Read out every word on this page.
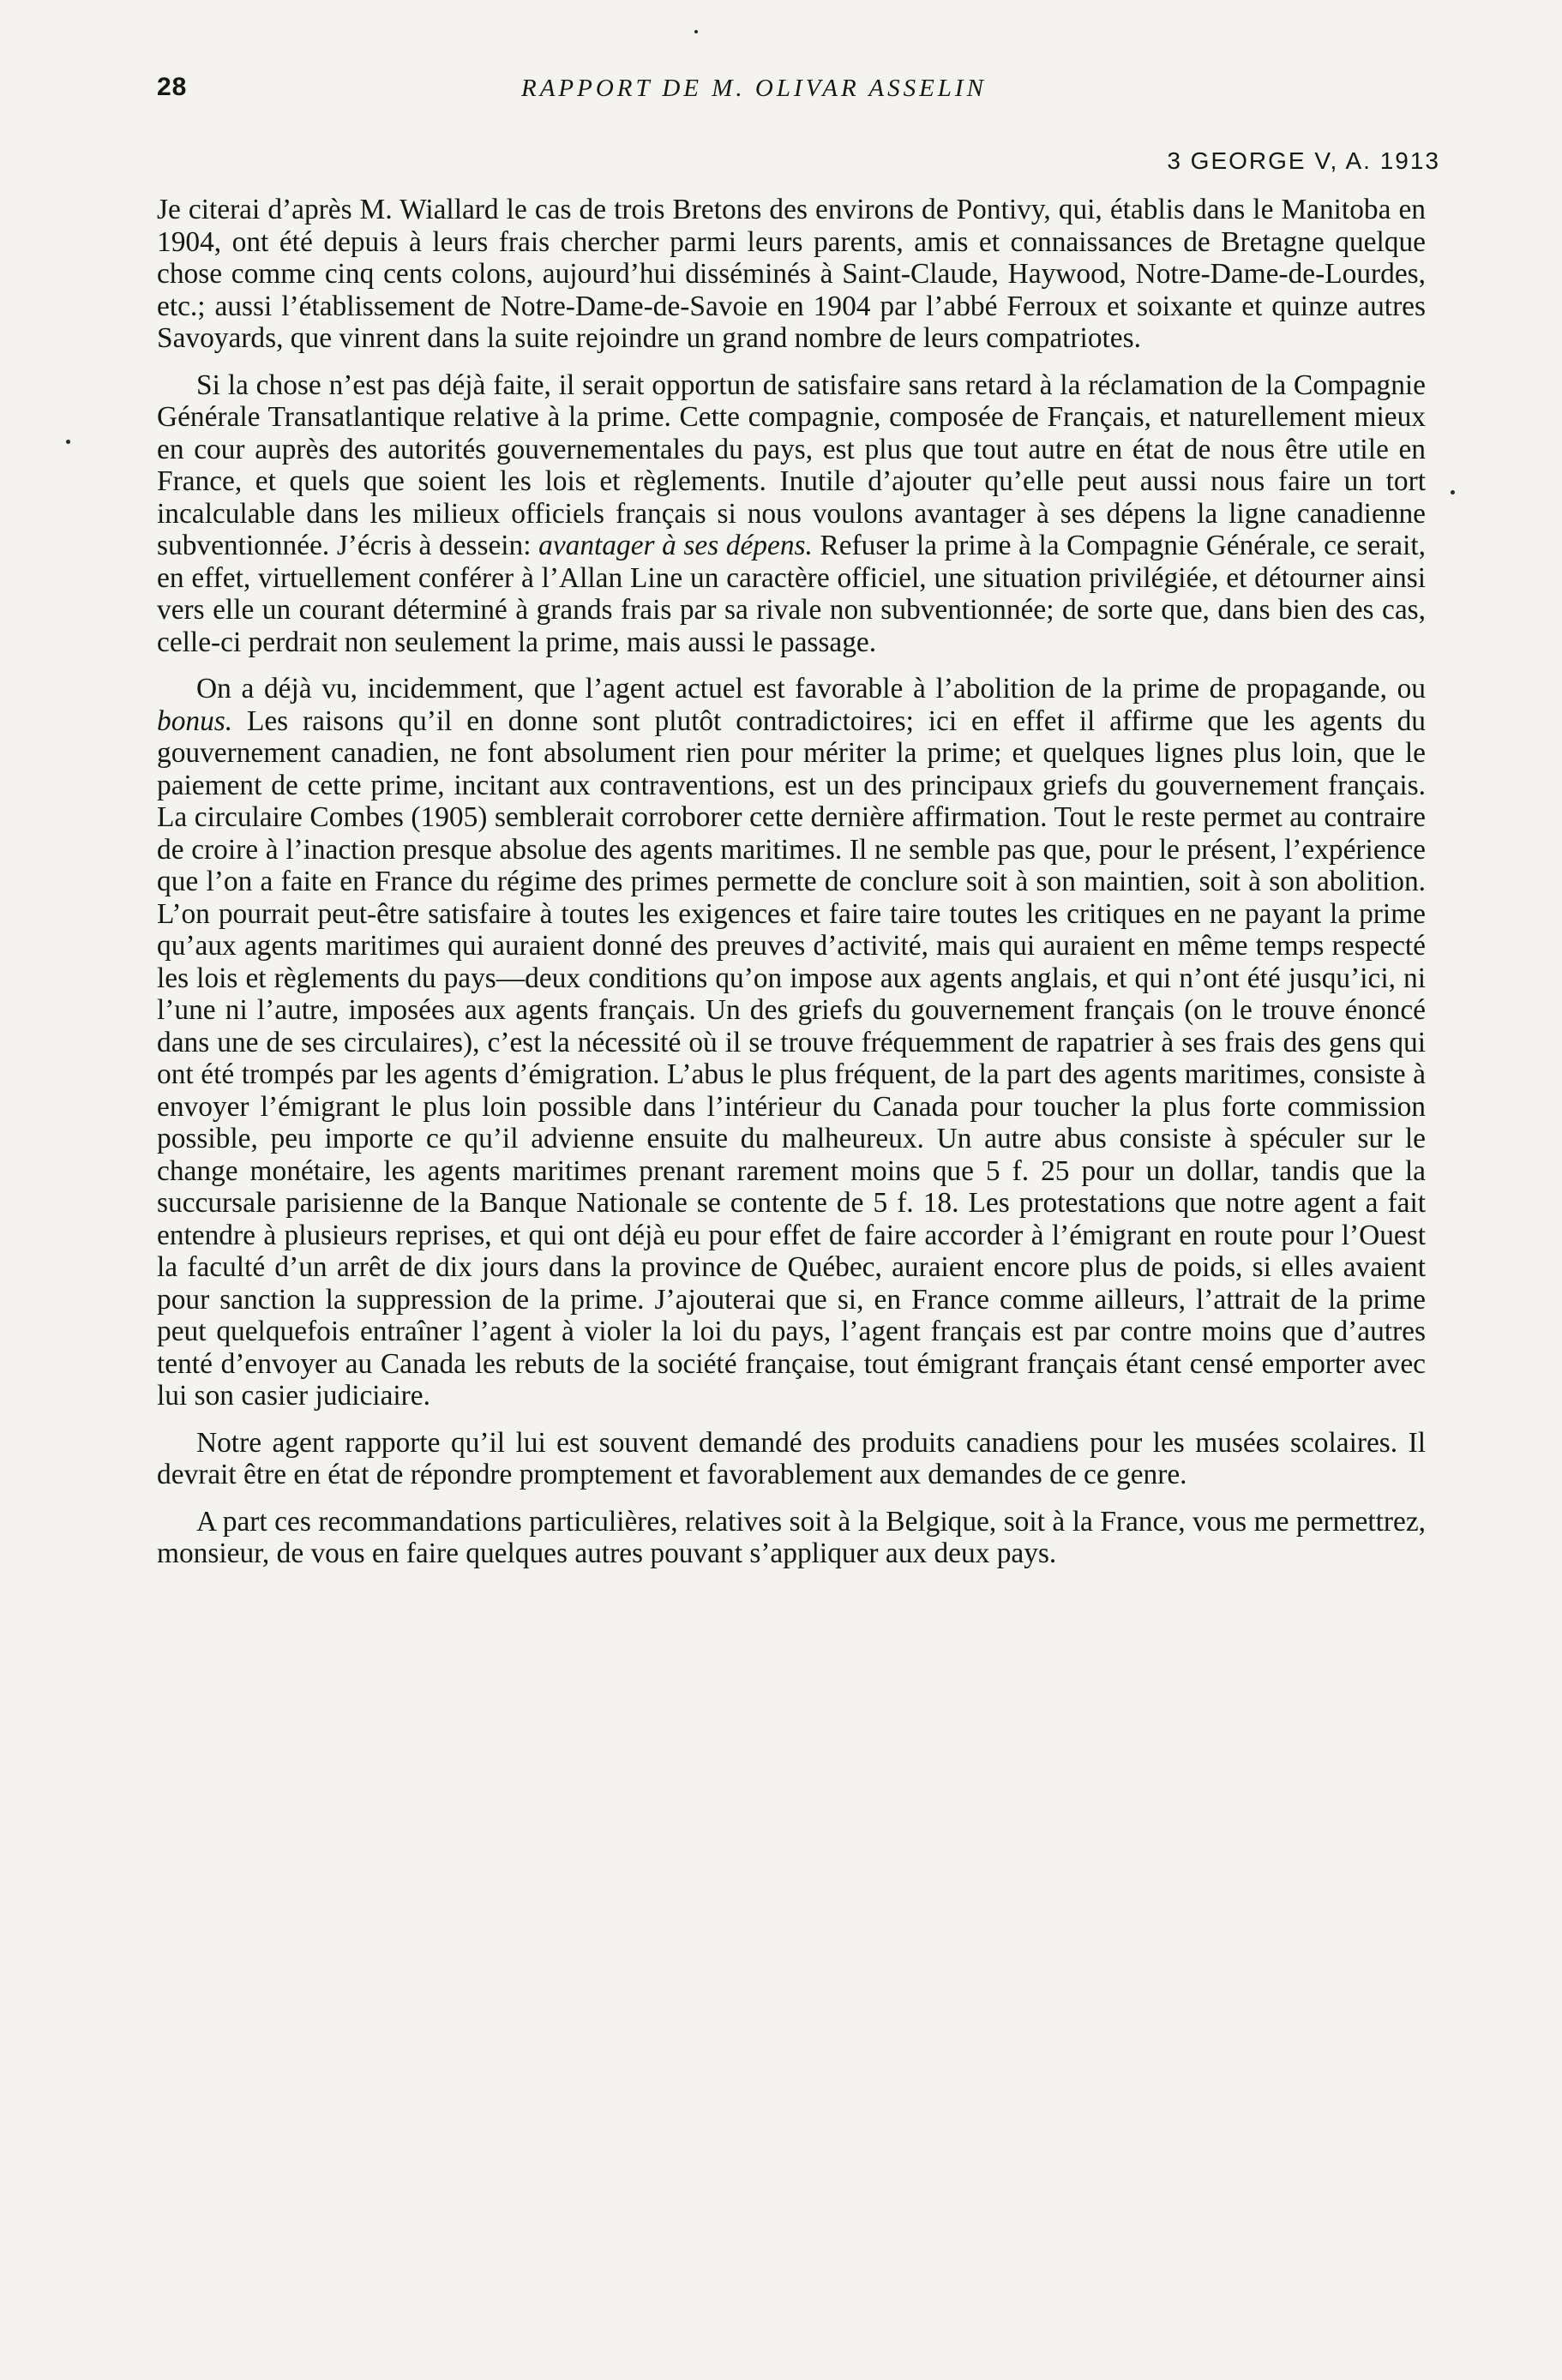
28	RAPPORT DE M. OLIVAR ASSELIN
3 GEORGE V, A. 1913

Je citerai d’après M. Wiallard le cas de trois Bretons des environs de Pontivy, qui, établis dans le Manitoba en 1904, ont été depuis à leurs frais chercher parmi leurs parents, amis et connaissances de Bretagne quelque chose comme cinq cents colons, aujourd’hui disséminés à Saint-Claude, Haywood, Notre-Dame-de-Lourdes, etc.; aussi l’établissement de Notre-Dame-de-Savoie en 1904 par l’abbé Ferroux et soixante et quinze autres Savoyards, que vinrent dans la suite rejoindre un grand nombre de leurs compatriotes.

Si la chose n’est pas déjà faite, il serait opportun de satisfaire sans retard à la réclamation de la Compagnie Générale Transatlantique relative à la prime. Cette compagnie, composée de Français, et naturellement mieux en cour auprès des autorités gouvernementales du pays, est plus que tout autre en état de nous être utile en France, et quels que soient les lois et règlements. Inutile d’ajouter qu’elle peut aussi nous faire un tort incalculable dans les milieux officiels français si nous voulons avantager à ses dépens la ligne canadienne subventionnée. J’écris à dessein: avantager à ses dépens. Refuser la prime à la Compagnie Générale, ce serait, en effet, virtuellement conférer à l’Allan Line un caractère officiel, une situation privilégiée, et détourner ainsi vers elle un courant déterminé à grands frais par sa rivale non subventionnée; de sorte que, dans bien des cas, celle-ci perdrait non seulement la prime, mais aussi le passage.

On a déjà vu, incidemment, que l’agent actuel est favorable à l’abolition de la prime de propagande, ou bonus. Les raisons qu’il en donne sont plutôt contradictoires; ici en effet il affirme que les agents du gouvernement canadien, ne font absolument rien pour mériter la prime; et quelques lignes plus loin, que le paiement de cette prime, incitant aux contraventions, est un des principaux griefs du gouvernement français. La circulaire Combes (1905) semblerait corroborer cette dernière affirmation. Tout le reste permet au contraire de croire à l’inaction presque absolue des agents maritimes. Il ne semble pas que, pour le présent, l’expérience que l’on a faite en France du régime des primes permette de conclure soit à son maintien, soit à son abolition. L’on pourrait peut-être satisfaire à toutes les exigences et faire taire toutes les critiques en ne payant la prime qu’aux agents maritimes qui auraient donné des preuves d’activité, mais qui auraient en même temps respecté les lois et règlements du pays—deux conditions qu’on impose aux agents anglais, et qui n’ont été jusqu’ici, ni l’une ni l’autre, imposées aux agents français. Un des griefs du gouvernement français (on le trouve énoncé dans une de ses circulaires), c’est la nécessité où il se trouve fréquemment de rapatrier à ses frais des gens qui ont été trompés par les agents d’émigration. L’abus le plus fréquent, de la part des agents maritimes, consiste à envoyer l’émigrant le plus loin possible dans l’intérieur du Canada pour toucher la plus forte commission possible, peu importe ce qu’il advienne ensuite du malheureux. Un autre abus consiste à spéculer sur le change monétaire, les agents maritimes prenant rarement moins que 5 f. 25 pour un dollar, tandis que la succursale parisienne de la Banque Nationale se contente de 5 f. 18. Les protestations que notre agent a fait entendre à plusieurs reprises, et qui ont déjà eu pour effet de faire accorder à l’émigrant en route pour l’Ouest la faculté d’un arrêt de dix jours dans la province de Québec, auraient encore plus de poids, si elles avaient pour sanction la suppression de la prime. J’ajouterai que si, en France comme ailleurs, l’attrait de la prime peut quelquefois entraîner l’agent à violer la loi du pays, l’agent français est par contre moins que d’autres tenté d’envoyer au Canada les rebuts de la société française, tout émigrant français étant censé emporter avec lui son casier judiciaire.

Notre agent rapporte qu’il lui est souvent demandé des produits canadiens pour les musées scolaires. Il devrait être en état de répondre promptement et favorablement aux demandes de ce genre.

A part ces recommandations particulières, relatives soit à la Belgique, soit à la France, vous me permettrez, monsieur, de vous en faire quelques autres pouvant s’appliquer aux deux pays.
